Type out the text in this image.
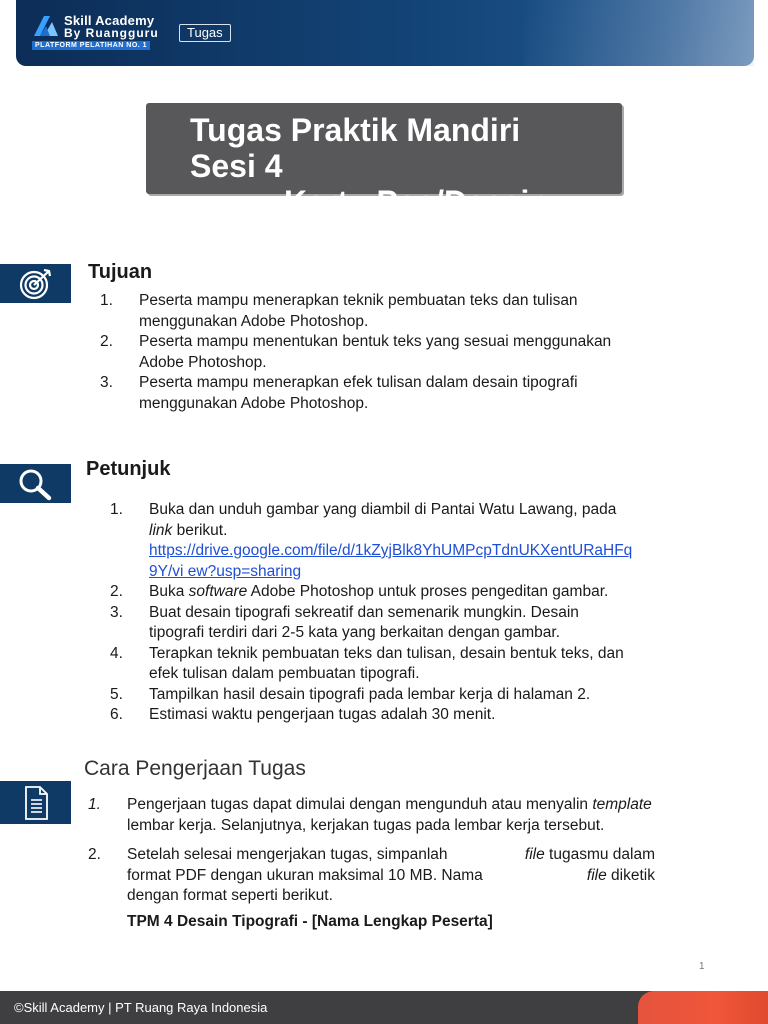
Skill Academy
By Ruangguru
PLATFORM PELATIHAN NO. 1
Tugas
Tugas Praktik Mandiri
Sesi 4
Kartu Pos/Desain Tipografi
Tujuan
1. Peserta mampu menerapkan teknik pembuatan teks dan tulisan
menggunakan Adobe Photoshop.
2. Peserta mampu menentukan bentuk teks yang sesuai menggunakan
Adobe Photoshop.
3. Peserta mampu menerapkan efek tulisan dalam desain tipografi
menggunakan Adobe Photoshop.
Petunjuk
1. Buka dan unduh gambar yang diambil di Pantai Watu Lawang, pada
link berikut.
https://drive.google.com/file/d/1kZyjBlk8YhUMPcpTdnUKXentURaHFq
9Y/vi ew?usp=sharing
2. Buka software Adobe Photoshop untuk proses pengeditan gambar.
3. Buat desain tipografi sekreatif dan semenarik mungkin. Desain
tipografi terdiri dari 2-5 kata yang berkaitan dengan gambar.
4. Terapkan teknik pembuatan teks dan tulisan, desain bentuk teks, dan
efek tulisan dalam pembuatan tipografi.
5. Tampilkan hasil desain tipografi pada lembar kerja di halaman 2.
6. Estimasi waktu pengerjaan tugas adalah 30 menit.
Cara Pengerjaan Tugas
1. Pengerjaan tugas dapat dimulai dengan mengunduh atau menyalin template
lembar kerja. Selanjutnya, kerjakan tugas pada lembar kerja tersebut.
2. Setelah selesai mengerjakan tugas, simpanlah	file tugasmu dalam
format PDF dengan ukuran maksimal 10 MB. Nama	file diketik
dengan format seperti berikut.
TPM 4 Desain Tipografi - [Nama Lengkap Peserta]
1
©Skill Academy | PT Ruang Raya Indonesia
